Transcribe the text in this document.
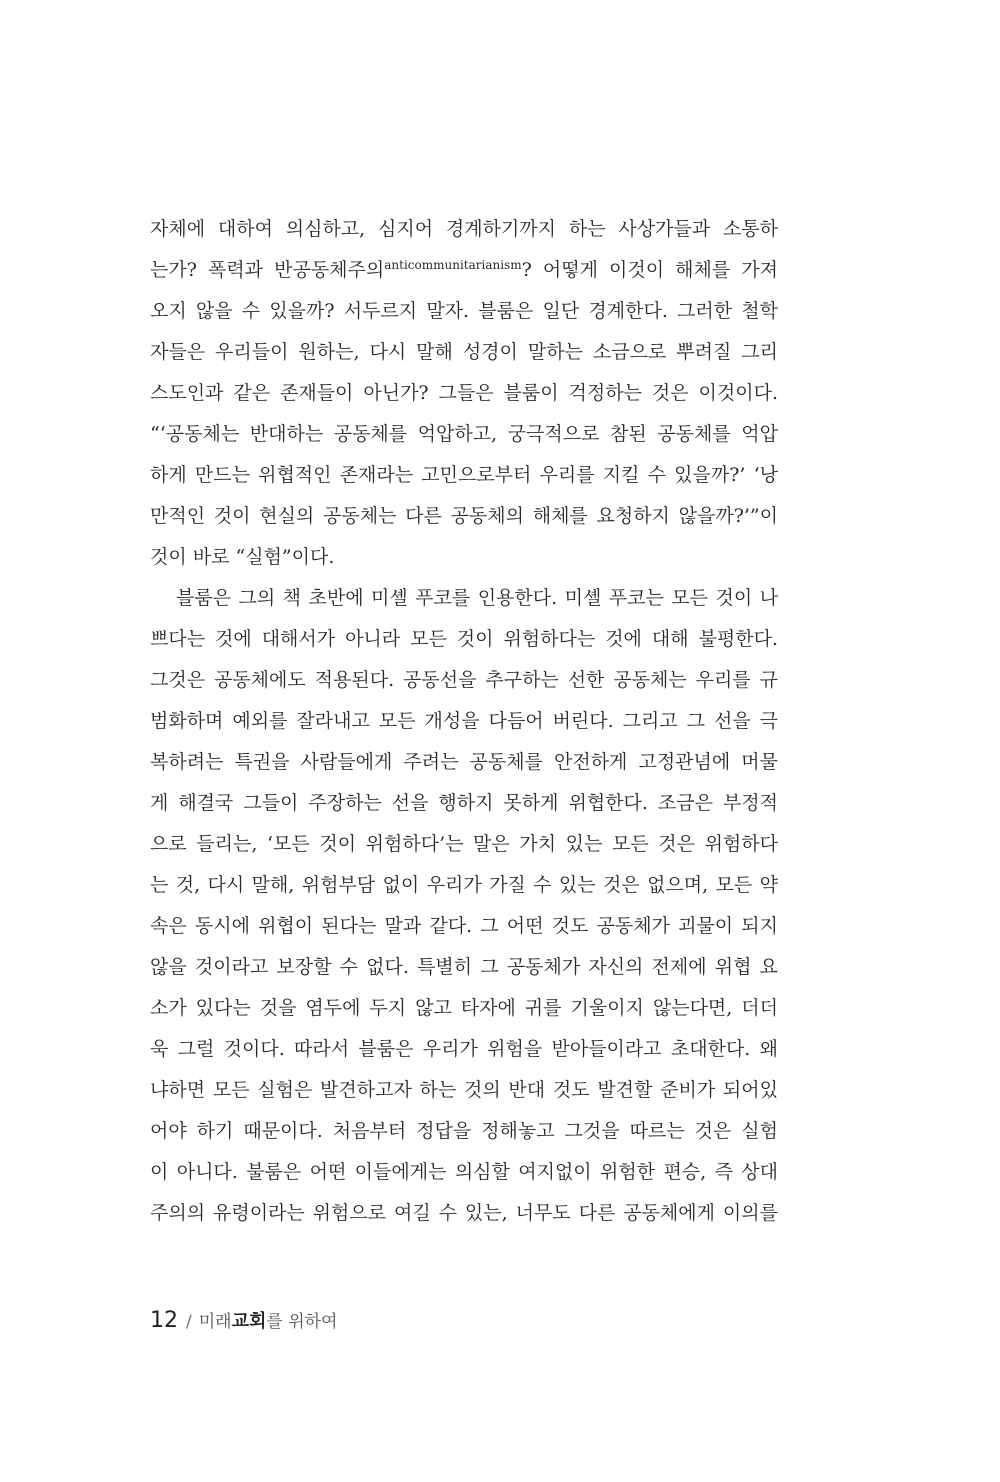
자체에 대하여 의심하고, 심지어 경계하기까지 하는 사상가들과 소통하
는가? 폭력과 반공동체주의$^{anticommunitarianism}$? 어떻게 이것이 해체를 가져
오지 않을 수 있을까? 서두르지 말자. 블룸은 일단 경계한다. 그러한 철학
자들은 우리들이 원하는, 다시 말해 성경이 말하는 소금으로 뿌려질 그리
스도인과 같은 존재들이 아닌가? 그들은 블룸이 걱정하는 것은 이것이다.
“‘공동체는 반대하는 공동체를 억압하고, 궁극적으로 참된 공동체를 억압
하게 만드는 위협적인 존재라는 고민으로부터 우리를 지킬 수 있을까?’ ‘낭
만적인 것이 현실의 공동체는 다른 공동체의 해체를 요청하지 않을까?’”이
것이 바로 “실험”이다.
블룸은 그의 책 초반에 미셸 푸코를 인용한다. 미셸 푸코는 모든 것이 나
쁘다는 것에 대해서가 아니라 모든 것이 위험하다는 것에 대해 불평한다.
그것은 공동체에도 적용된다. 공동선을 추구하는 선한 공동체는 우리를 규
범화하며 예외를 잘라내고 모든 개성을 다듬어 버린다. 그리고 그 선을 극
복하려는 특권을 사람들에게 주려는 공동체를 안전하게 고정관념에 머물
게 해결국 그들이 주장하는 선을 행하지 못하게 위협한다. 조금은 부정적
으로 들리는, ‘모든 것이 위험하다’는 말은 가치 있는 모든 것은 위험하다
는 것, 다시 말해, 위험부담 없이 우리가 가질 수 있는 것은 없으며, 모든 약
속은 동시에 위협이 된다는 말과 같다. 그 어떤 것도 공동체가 괴물이 되지
않을 것이라고 보장할 수 없다. 특별히 그 공동체가 자신의 전제에 위협 요
소가 있다는 것을 염두에 두지 않고 타자에 귀를 기울이지 않는다면, 더더
욱 그럴 것이다. 따라서 블룸은 우리가 위험을 받아들이라고 초대한다. 왜
냐하면 모든 실험은 발견하고자 하는 것의 반대 것도 발견할 준비가 되어있
어야 하기 때문이다. 처음부터 정답을 정해놓고 그것을 따르는 것은 실험
이 아니다. 불룸은 어떤 이들에게는 의심할 여지없이 위험한 편승, 즉 상대
주의의 유령이라는 위험으로 여길 수 있는, 너무도 다른 공동체에게 이의를
12 / 미래교회를 위하여
